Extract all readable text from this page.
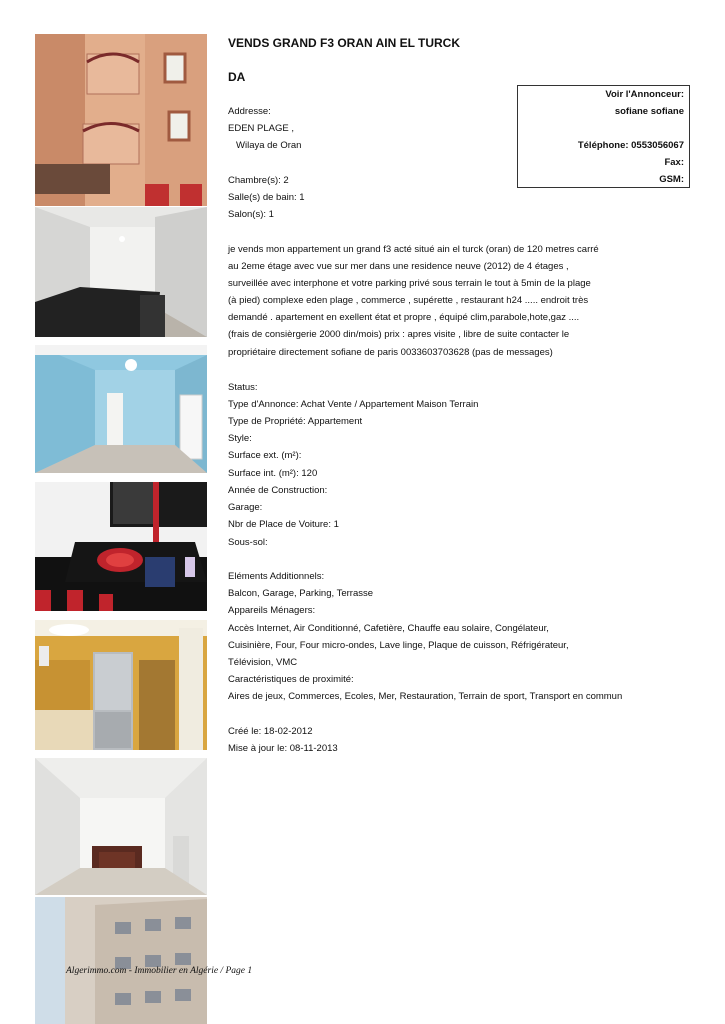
VENDS GRAND F3 ORAN AIN EL TURCK
DA
Addresse:
EDEN PLAGE ,
Wilaya de Oran
Chambre(s): 2
Salle(s) de bain: 1
Salon(s): 1
je vends mon appartement un grand f3 acté situé ain el turck (oran) de 120 metres carré
au 2eme étage avec vue sur mer dans une residence neuve (2012) de 4 étages ,
surveillée avec interphone et votre parking privé sous terrain le tout à 5min de la plage
(à pied) complexe eden plage , commerce , supérette , restaurant h24 ..... endroit très
demandé . apartement en exellent état et propre , équipé clim,parabole,hote,gaz ....
(frais de consièrgerie 2000 din/mois) prix : apres visite , libre de suite contacter le
propriétaire directement sofiane de paris 0033603703628 (pas de messages)
Status:
Type d'Annonce: Achat Vente / Appartement Maison Terrain
Type de Propriété: Appartement
Style:
Surface ext. (m²):
Surface int. (m²): 120
Année de Construction:
Garage:
Nbr de Place de Voiture: 1
Sous-sol:
Eléments Additionnels:
Balcon, Garage, Parking, Terrasse
Appareils Ménagers:
Accès Internet, Air Conditionné, Cafetière, Chauffe eau solaire, Congélateur,
Cuisinière, Four, Four micro-ondes, Lave linge, Plaque de cuisson, Réfrigérateur,
Télévision, VMC
Caractéristiques de proximité:
Aires de jeux, Commerces, Ecoles, Mer, Restauration, Terrain de sport, Transport en commun
Créé le: 18-02-2012
Mise à jour le: 08-11-2013
Voir l'Annonceur:
sofiane sofiane
Téléphone: 0553056067
Fax:
GSM:
Algerimmo.com - Immobilier en Algérie / Page 1
